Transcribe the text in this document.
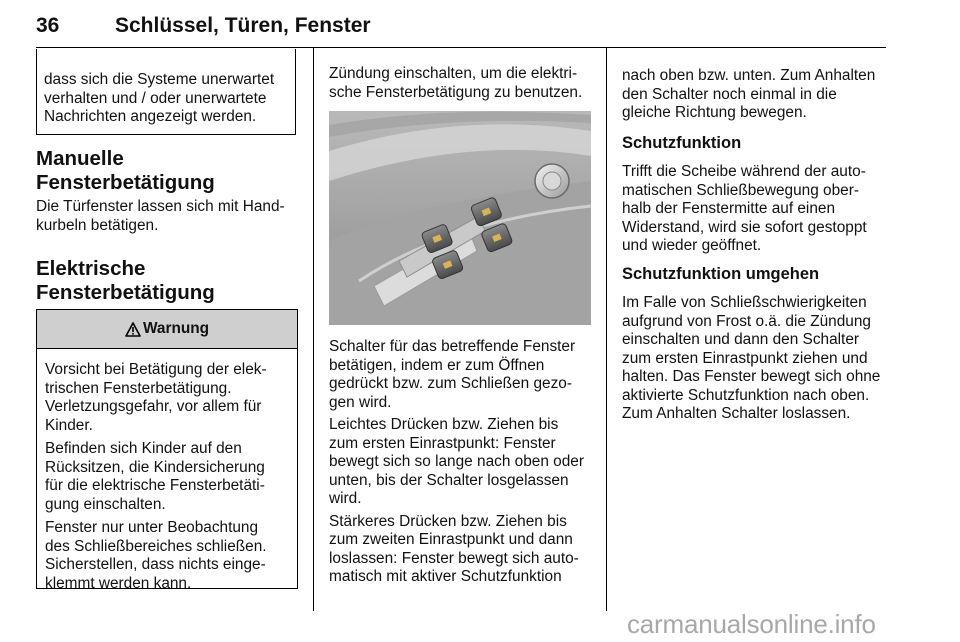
36	Schlüssel, Türen, Fenster
dass sich die Systeme unerwartet
verhalten und / oder unerwartete
Nachrichten angezeigt werden.
Manuelle
Fensterbetätigung
Die Türfenster lassen sich mit Hand-
kurbeln betätigen.
Elektrische
Fensterbetätigung
Warnung

Vorsicht bei Betätigung der elek-
trischen Fensterbetätigung.
Verletzungsgefahr, vor allem für
Kinder.

Befinden sich Kinder auf den
Rücksitzen, die Kindersicherung
für die elektrische Fensterbetäti-
gung einschalten.

Fenster nur unter Beobachtung
des Schließbereiches schließen.
Sicherstellen, dass nichts einge-
klemmt werden kann.

Zündung einschalten, um die elektri-
sche Fensterbetätigung zu benutzen.

Schalter für das betreffende Fenster
betätigen, indem er zum Öffnen
gedrückt bzw. zum Schließen gezo-
gen wird.

Leichtes Drücken bzw. Ziehen bis
zum ersten Einrastpunkt: Fenster
bewegt sich so lange nach oben oder
unten, bis der Schalter losgelassen
wird.

Stärkeres Drücken bzw. Ziehen bis
zum zweiten Einrastpunkt und dann
loslassen: Fenster bewegt sich auto-
matisch mit aktiver Schutzfunktion

nach oben bzw. unten. Zum Anhalten
den Schalter noch einmal in die
gleiche Richtung bewegen.
Schutzfunktion
Trifft die Scheibe während der auto-
matischen Schließbewegung ober-
halb der Fenstermitte auf einen
Widerstand, wird sie sofort gestoppt
und wieder geöffnet.
Schutzfunktion umgehen
Im Falle von Schließschwierigkeiten
aufgrund von Frost o.ä. die Zündung
einschalten und dann den Schalter
zum ersten Einrastpunkt ziehen und
halten. Das Fenster bewegt sich ohne
aktivierte Schutzfunktion nach oben.
Zum Anhalten Schalter loslassen.
carmanualsonline.info
